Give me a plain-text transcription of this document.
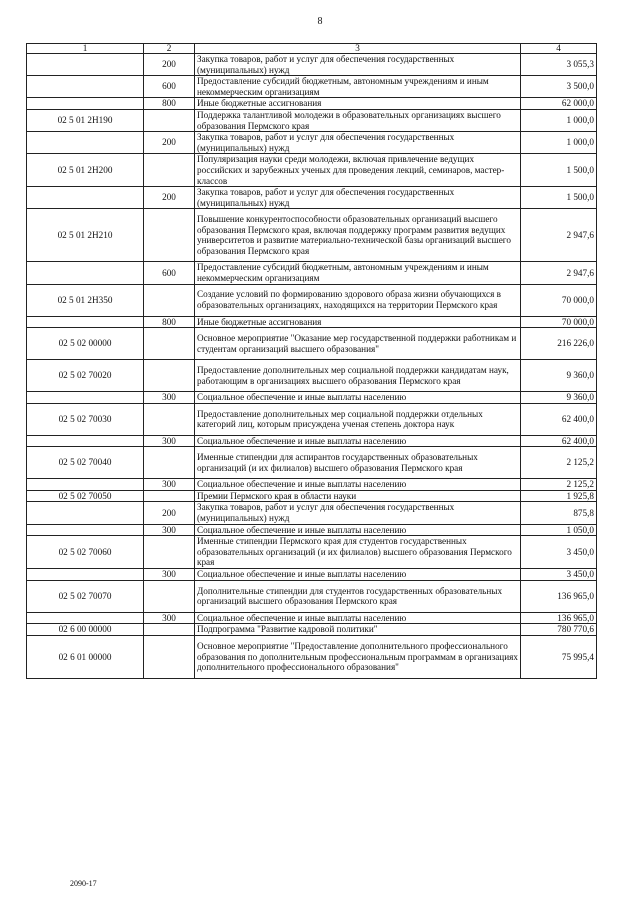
8
1	2	3	4
	200	Закупка товаров, работ и услуг для обеспечения государственных (муниципальных) нужд	3 055,3
	600	Предоставление субсидий бюджетным, автономным учреждениям и иным некоммерческим организациям	3 500,0
	800	Иные бюджетные ассигнования	62 000,0
02 5 01 2Н190		Поддержка талантливой молодежи в образовательных организациях высшего образования Пермского края	1 000,0
	200	Закупка товаров, работ и услуг для обеспечения государственных (муниципальных) нужд	1 000,0
02 5 01 2Н200		Популяризация науки среди молодежи, включая привлечение ведущих российских и зарубежных ученых для проведения лекций, семинаров, мастер-классов	1 500,0
	200	Закупка товаров, работ и услуг для обеспечения государственных (муниципальных) нужд	1 500,0
02 5 01 2Н210		Повышение конкурентоспособности образовательных организаций высшего образования Пермского края, включая поддержку программ развития ведущих университетов и развитие материально-технической базы организаций высшего образования Пермского края	2 947,6
	600	Предоставление субсидий бюджетным, автономным учреждениям и иным некоммерческим организациям	2 947,6
02 5 01 2Н350		Создание условий по формированию здорового образа жизни обучающихся в образовательных организациях, находящихся на территории Пермского края	70 000,0
	800	Иные бюджетные ассигнования	70 000,0
02 5 02 00000		Основное мероприятие "Оказание мер государственной поддержки работникам и студентам организаций высшего образования"	216 226,0
02 5 02 70020		Предоставление дополнительных мер социальной поддержки кандидатам наук, работающим в организациях высшего образования Пермского края	9 360,0
	300	Социальное обеспечение и иные выплаты населению	9 360,0
02 5 02 70030		Предоставление дополнительных мер социальной поддержки отдельных категорий лиц, которым присуждена ученая степень доктора наук	62 400,0
	300	Социальное обеспечение и иные выплаты населению	62 400,0
02 5 02 70040		Именные стипендии для аспирантов государственных образовательных организаций (и их филиалов) высшего образования Пермского края	2 125,2
	300	Социальное обеспечение и иные выплаты населению	2 125,2
02 5 02 70050		Премии Пермского края в области науки	1 925,8
	200	Закупка товаров, работ и услуг для обеспечения государственных (муниципальных) нужд	875,8
	300	Социальное обеспечение и иные выплаты населению	1 050,0
02 5 02 70060		Именные стипендии Пермского края для студентов государственных образовательных организаций (и их филиалов) высшего образования Пермского края	3 450,0
	300	Социальное обеспечение и иные выплаты населению	3 450,0
02 5 02 70070		Дополнительные стипендии для студентов государственных образовательных организаций высшего образования Пермского края	136 965,0
	300	Социальное обеспечение и иные выплаты населению	136 965,0
02 6 00 00000		Подпрограмма "Развитие кадровой политики"	780 770,6
02 6 01 00000		Основное мероприятие "Предоставление дополнительного профессионального образования по дополнительным профессиональным программам в организациях дополнительного профессионального образования"	75 995,4
2090-17
